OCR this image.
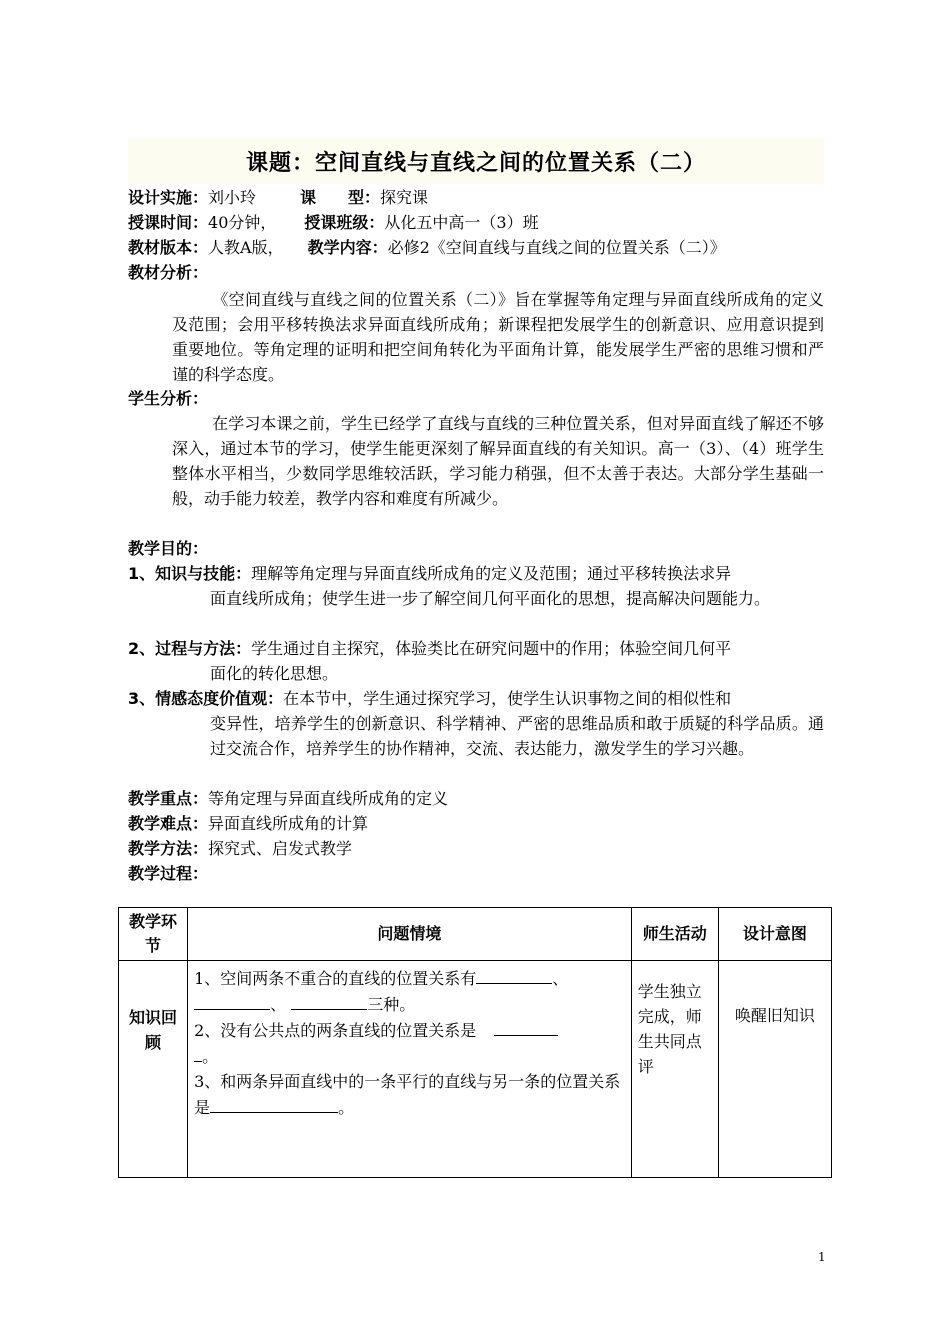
课题：空间直线与直线之间的位置关系（二）
设计实施：刘小玲	课　　型：探究课
授课时间：40分钟， 授课班级：从化五中高一（3）班
教材版本：人教A版， 教学内容：必修2《空间直线与直线之间的位置关系（二）》
教材分析：
《空间直线与直线之间的位置关系（二）》旨在掌握等角定理与异面直线所成角的定义及范围；会用平移转换法求异面直线所成角；新课程把发展学生的创新意识、应用意识提到重要地位。等角定理的证明和把空间角转化为平面角计算，能发展学生严密的思维习惯和严谨的科学态度。
学生分析：
在学习本课之前，学生已经学了直线与直线的三种位置关系，但对异面直线了解还不够深入，通过本节的学习，使学生能更深刻了解异面直线的有关知识。高一（3）、（4）班学生整体水平相当，少数同学思维较活跃，学习能力稍强，但不太善于表达。大部分学生基础一般，动手能力较差，教学内容和难度有所减少。
教学目的：
1、知识与技能：理解等角定理与异面直线所成角的定义及范围；通过平移转换法求异
面直线所成角；使学生进一步了解空间几何平面化的思想，提高解决问题能力。
2、过程与方法：学生通过自主探究，体验类比在研究问题中的作用；体验空间几何平
面化的转化思想。
3、情感态度价值观：在本节中，学生通过探究学习，使学生认识事物之间的相似性和
变异性，培养学生的创新意识、科学精神、严密的思维品质和敢于质疑的科学品质。通过交流合作，培养学生的协作精神，交流、表达能力，激发学生的学习兴趣。
教学重点：等角定理与异面直线所成角的定义
教学难点：异面直线所成角的计算
教学方法：探究式、启发式教学
教学过程：
教学环节	问题情境	师生活动	设计意图
知识回顾	1、空间两条不重合的直线的位置关系有 、
、 三种。
2、没有公共点的两条直线的位置关系是
。
3、和两条异面直线中的一条平行的直线与另一条的位置关系是 。	学生独立完成，师生共同点评	唤醒旧知识
1
